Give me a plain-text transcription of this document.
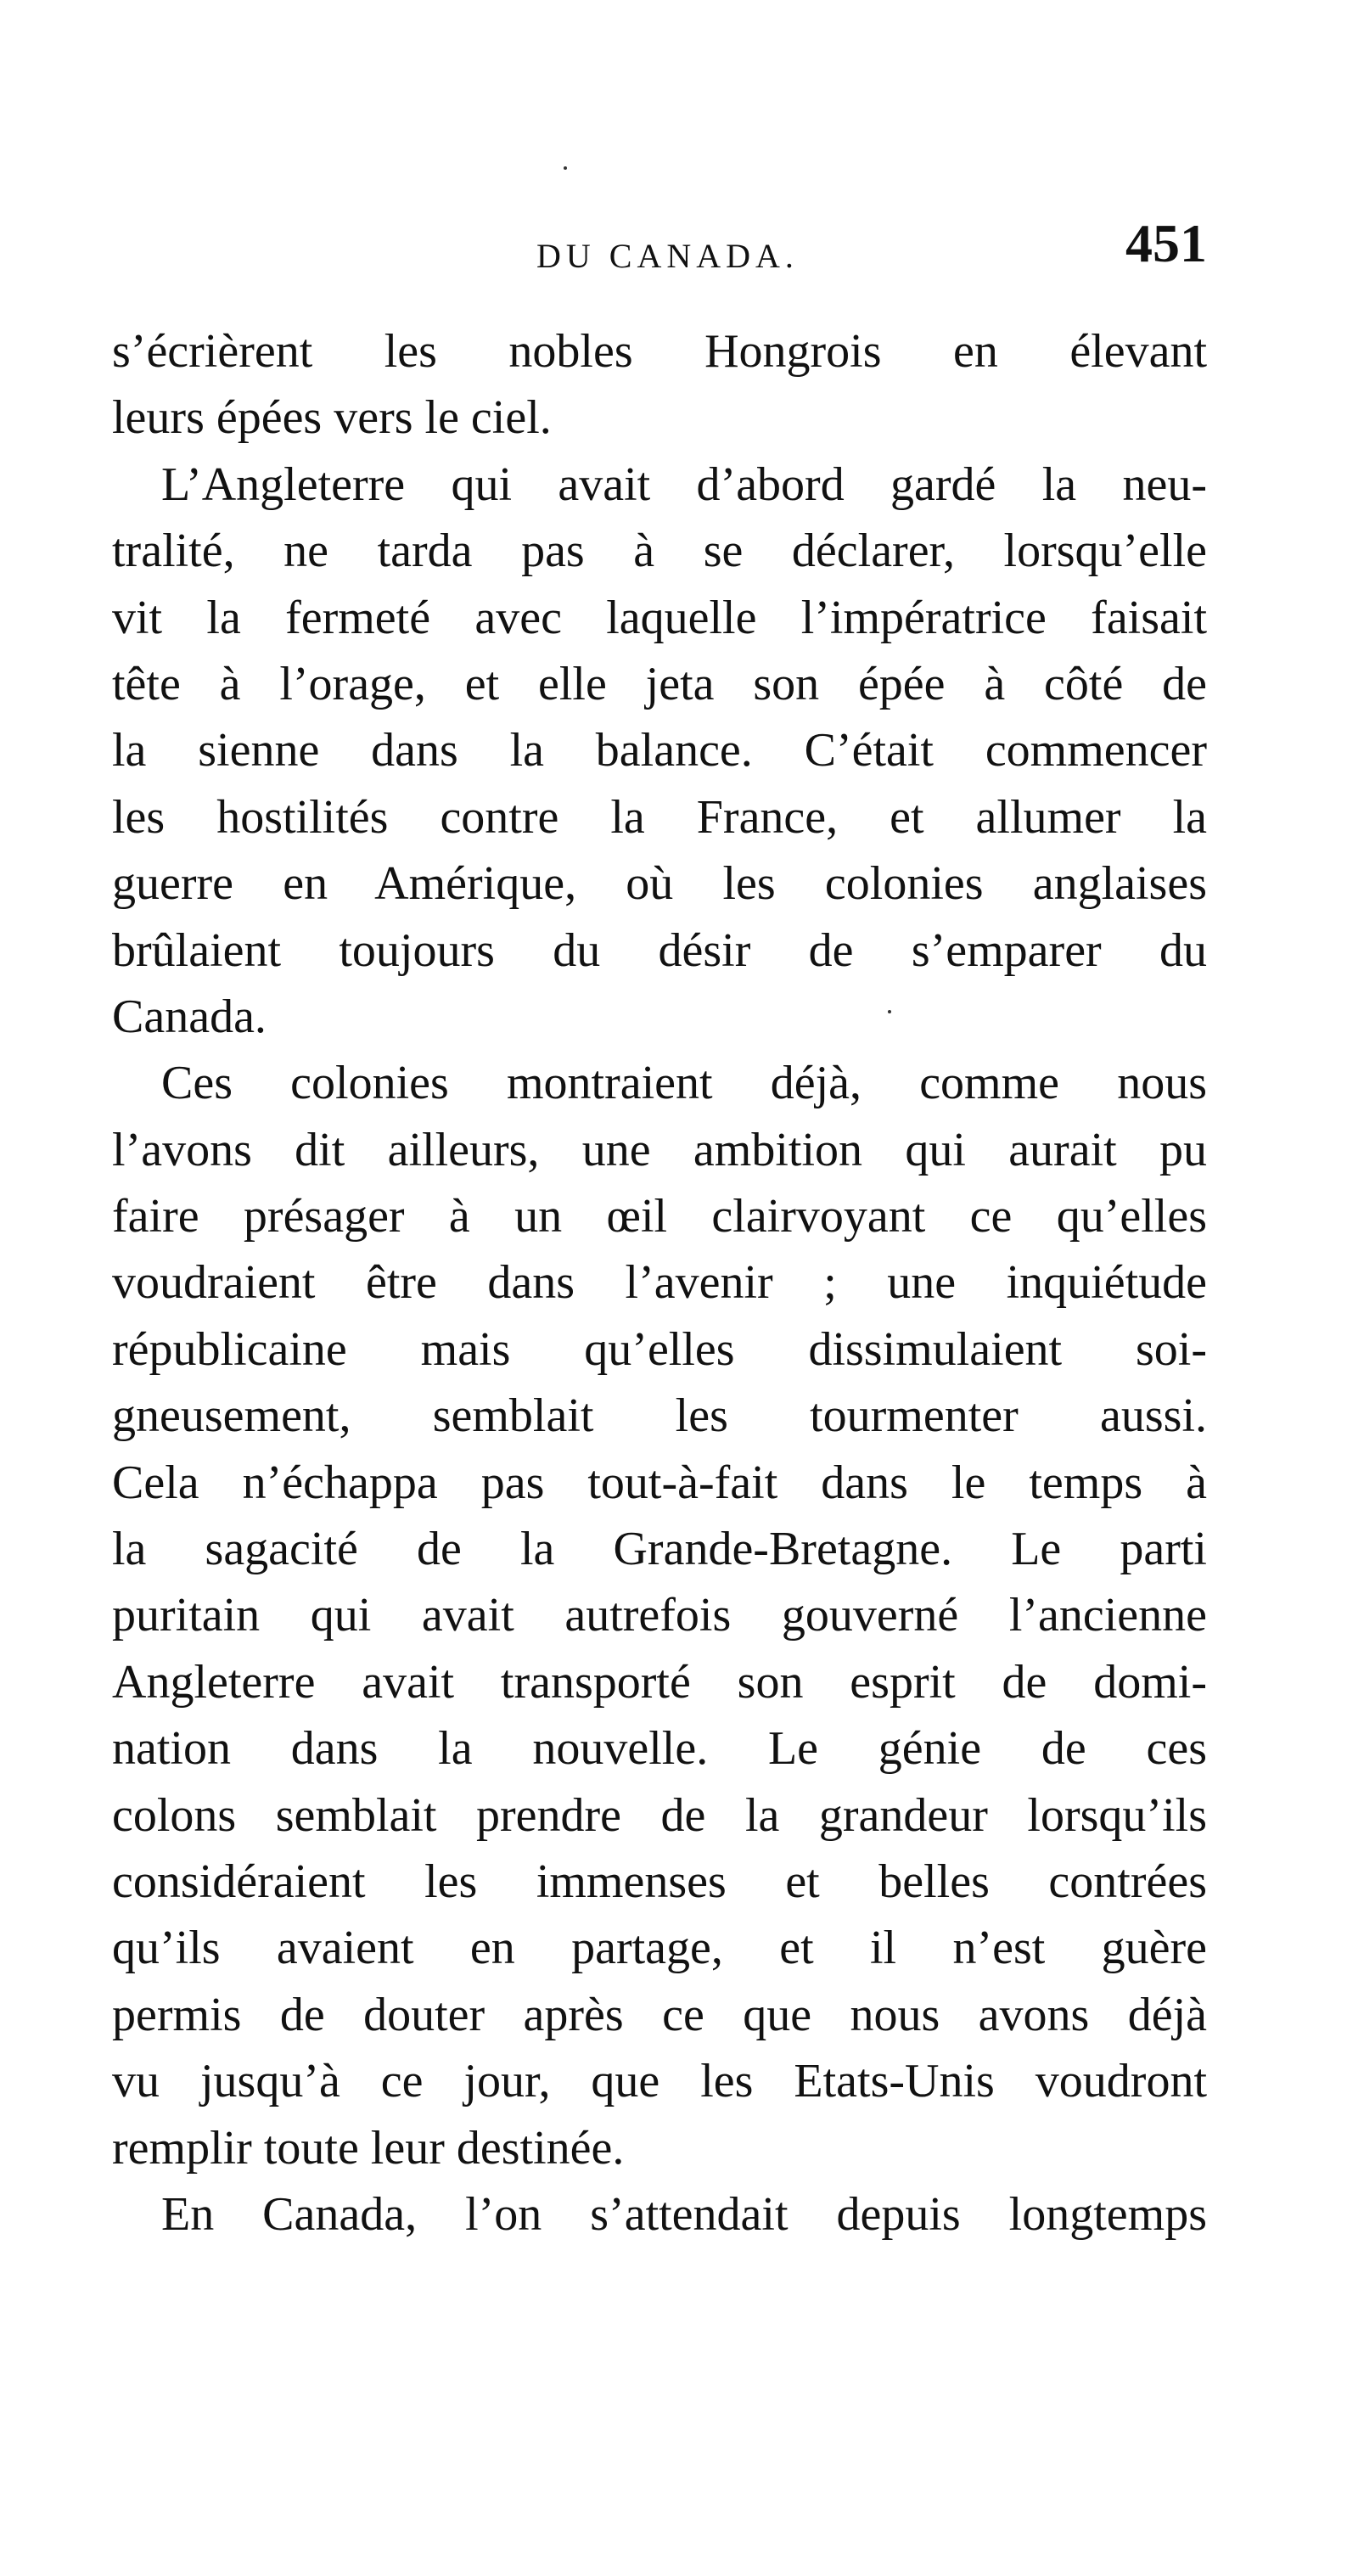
DU CANADA.	451
s’écrièrent les nobles Hongrois en élevant
leurs épées vers le ciel.
L’Angleterre qui avait d’abord gardé la neu-
tralité, ne tarda pas à se déclarer, lorsqu’elle
vit la fermeté avec laquelle l’impératrice faisait
tête à l’orage, et elle jeta son épée à côté de
la sienne dans la balance. C’était commencer
les hostilités contre la France, et allumer la
guerre en Amérique, où les colonies anglaises
brûlaient toujours du désir de s’emparer du
Canada.
Ces colonies montraient déjà, comme nous
l’avons dit ailleurs, une ambition qui aurait pu
faire présager à un œil clairvoyant ce qu’elles
voudraient être dans l’avenir ; une inquiétude
républicaine mais qu’elles dissimulaient soi-
gneusement, semblait les tourmenter aussi.
Cela n’échappa pas tout-à-fait dans le temps à
la sagacité de la Grande-Bretagne. Le parti
puritain qui avait autrefois gouverné l’ancienne
Angleterre avait transporté son esprit de domi-
nation dans la nouvelle. Le génie de ces
colons semblait prendre de la grandeur lorsqu’ils
considéraient les immenses et belles contrées
qu’ils avaient en partage, et il n’est guère
permis de douter après ce que nous avons déjà
vu jusqu’à ce jour, que les Etats-Unis voudront
remplir toute leur destinée.
En Canada, l’on s’attendait depuis longtemps
